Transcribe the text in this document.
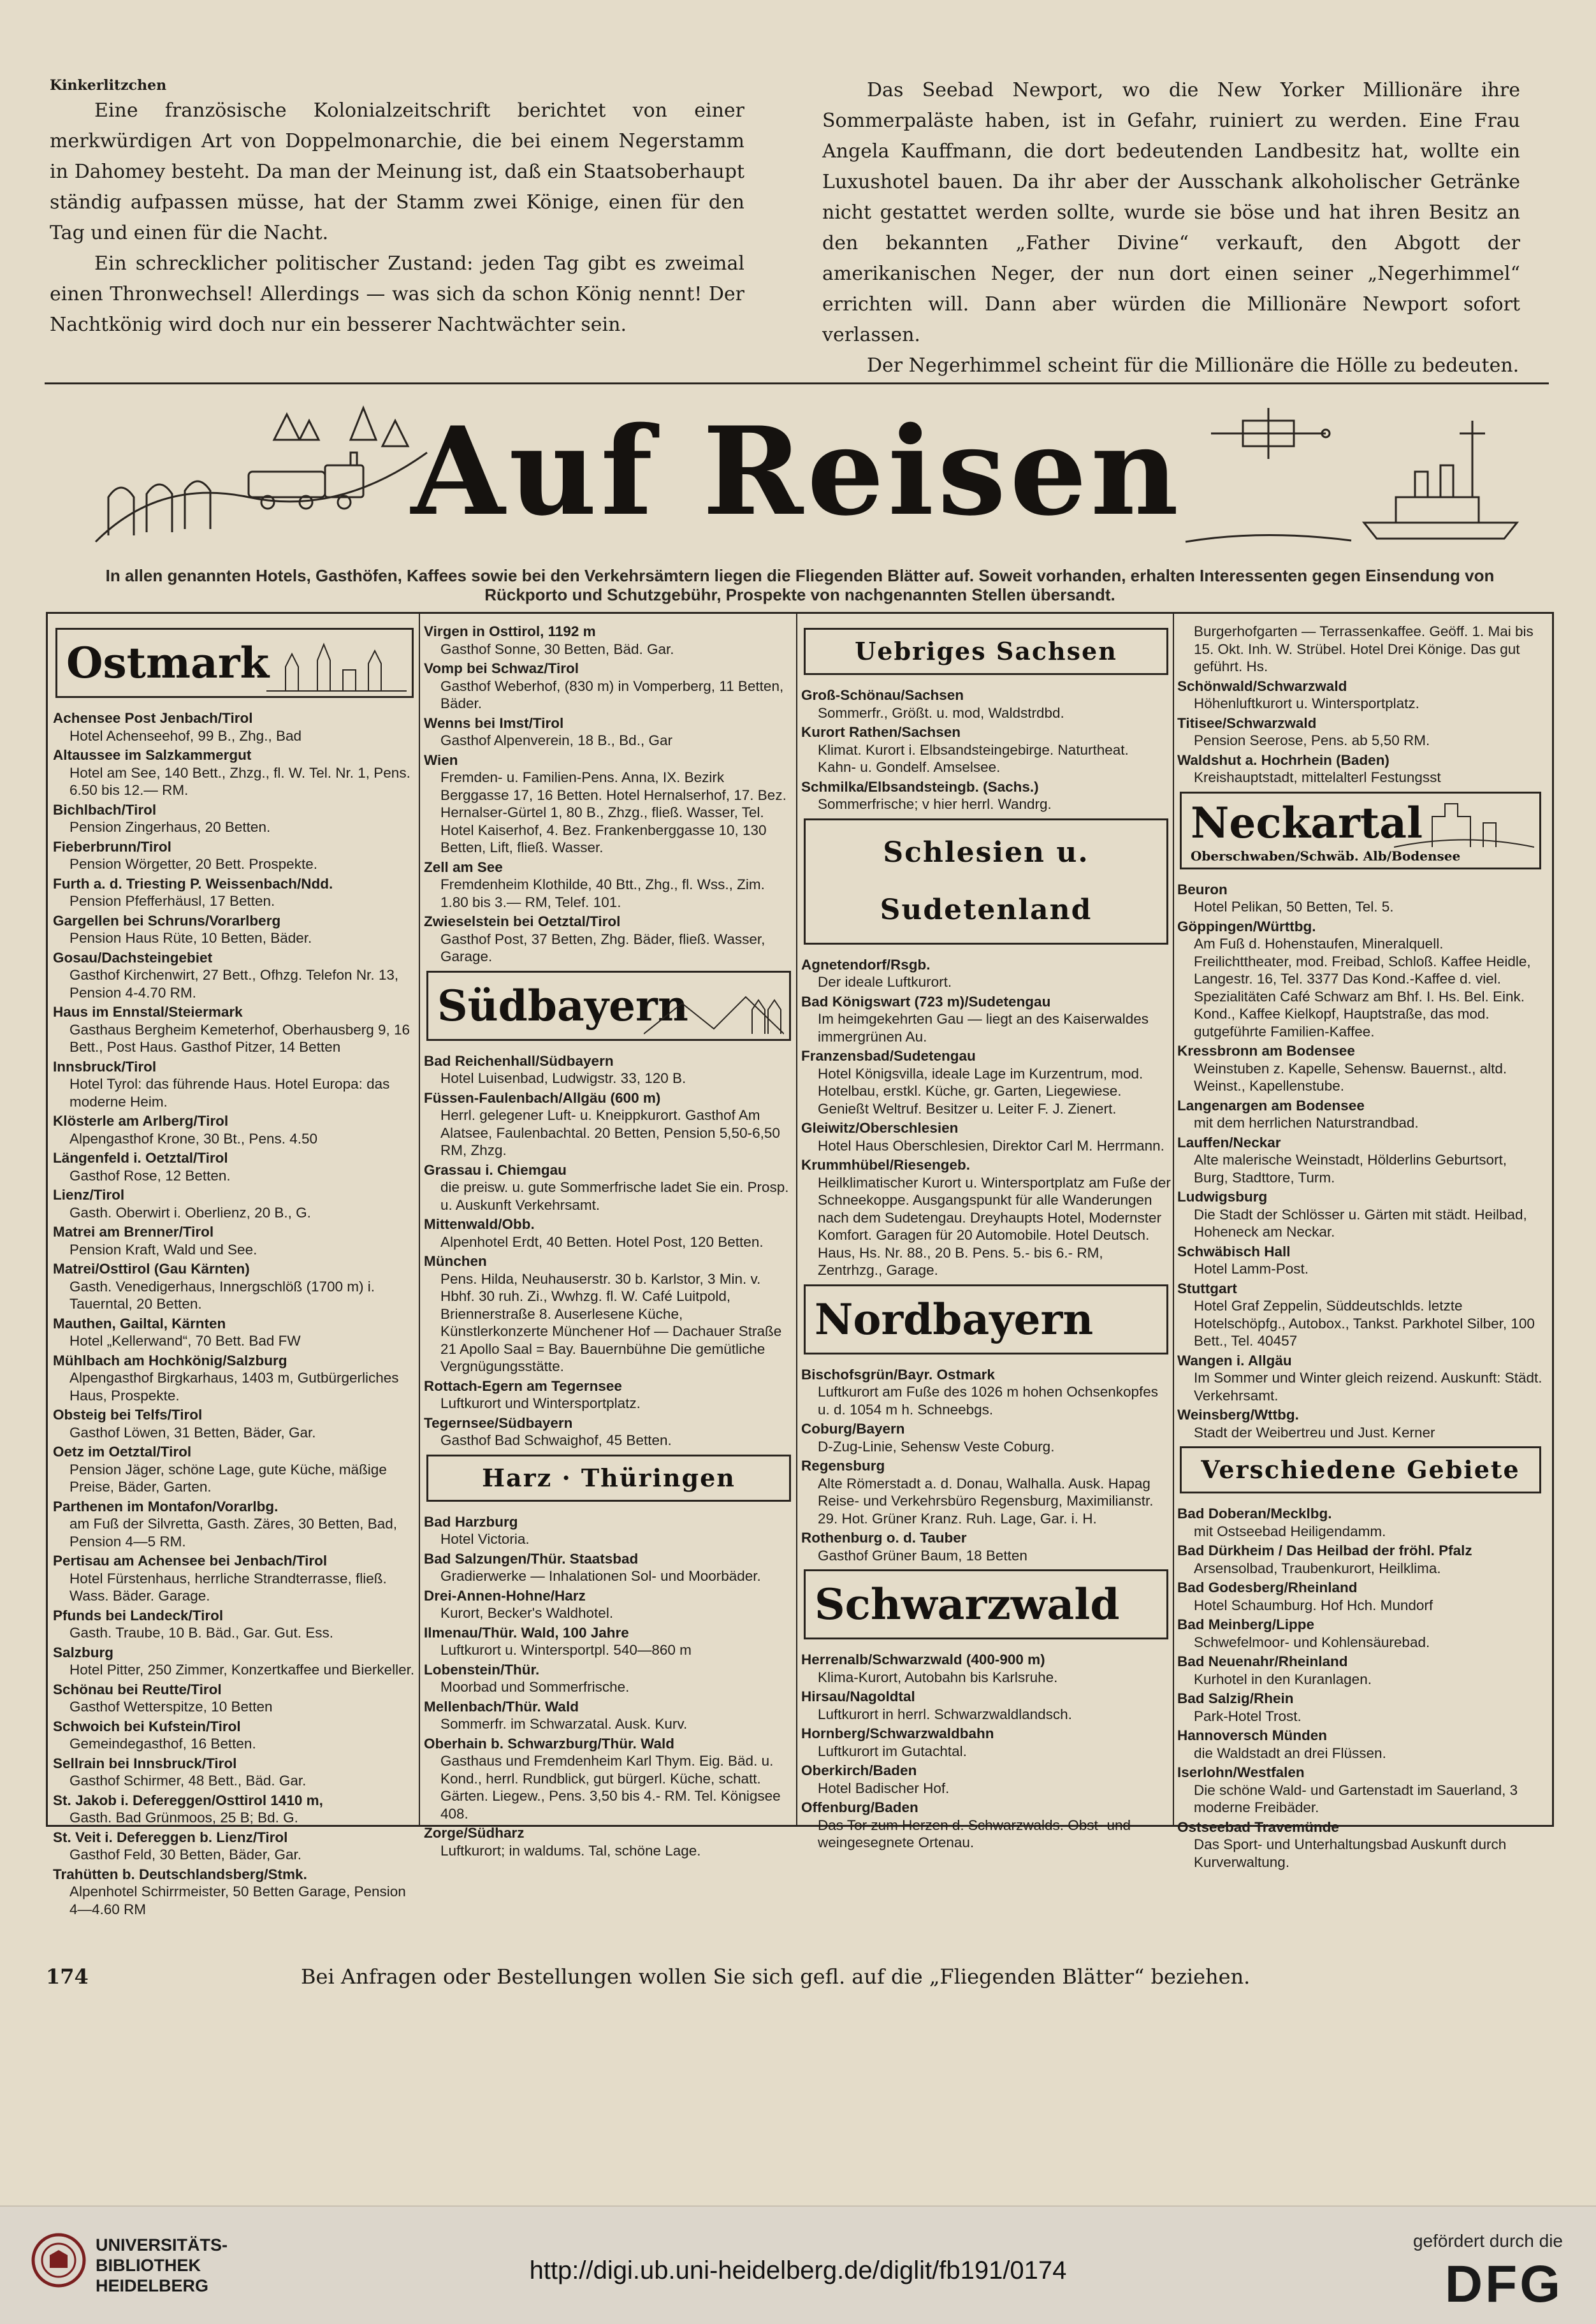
Kinkerlitzchen

Eine französische Kolonialzeitschrift berichtet von einer merkwürdigen Art von Doppelmonarchie, die bei einem Negerstamm in Dahomey besteht. Da man der Meinung ist, daß ein Staatsoberhaupt ständig aufpassen müsse, hat der Stamm zwei Könige, einen für den Tag und einen für die Nacht.

Ein schrecklicher politischer Zustand: jeden Tag gibt es zweimal einen Thronwechsel! Allerdings — was sich da schon König nennt! Der Nachtkönig wird doch nur ein besserer Nachtwächter sein.

Das Seebad Newport, wo die New Yorker Millionäre ihre Sommerpaläste haben, ist in Gefahr, ruiniert zu werden. Eine Frau Angela Kauffmann, die dort bedeutenden Landbesitz hat, wollte ein Luxushotel bauen. Da ihr aber der Ausschank alkoholischer Getränke nicht gestattet werden sollte, wurde sie böse und hat ihren Besitz an den bekannten „Father Divine“ verkauft, den Abgott der amerikanischen Neger, der nun dort einen seiner „Negerhimmel“ errichten will. Dann aber würden die Millionäre Newport sofort verlassen.

Der Negerhimmel scheint für die Millionäre die Hölle zu bedeuten.

Auf Reisen
In allen genannten Hotels, Gasthöfen, Kaffees sowie bei den Verkehrsämtern liegen die Fliegenden Blätter auf. Soweit vorhanden, erhalten Interessenten gegen Einsendung von Rückporto und Schutzgebühr, Prospekte von nachgenannten Stellen übersandt.
Ostmark
Achensee Post Jenbach/Tirol
Hotel Achenseehof, 99 B., Zhg., Bad
Altaussee im Salzkammergut
Hotel am See, 140 Bett., Zhzg., fl. W. Tel. Nr. 1, Pens. 6.50 bis 12.— RM.
Bichlbach/Tirol
Pension Zingerhaus, 20 Betten.
Fieberbrunn/Tirol
Pension Wörgetter, 20 Bett. Prospekte.
Furth a. d. Triesting P. Weissenbach/Ndd.
Pension Pfefferhäusl, 17 Betten.
Gargellen bei Schruns/Vorarlberg
Pension Haus Rüte, 10 Betten, Bäder.
Gosau/Dachsteingebiet
Gasthof Kirchenwirt, 27 Bett., Ofhzg. Telefon Nr. 13, Pension 4-4.70 RM.
Haus im Ennstal/Steiermark
Gasthaus Bergheim Kemeterhof, Oberhausberg 9, 16 Bett., Post Haus. Gasthof Pitzer, 14 Betten
Innsbruck/Tirol
Hotel Tyrol: das führende Haus. Hotel Europa: das moderne Heim.
Klösterle am Arlberg/Tirol
Alpengasthof Krone, 30 Bt., Pens. 4.50
Längenfeld i. Oetztal/Tirol
Gasthof Rose, 12 Betten.
Lienz/Tirol
Gasth. Oberwirt i. Oberlienz, 20 B., G.
Matrei am Brenner/Tirol
Pension Kraft, Wald und See.
Matrei/Osttirol (Gau Kärnten)
Gasth. Venedigerhaus, Innergschlöß (1700 m) i. Tauerntal, 20 Betten.
Mauthen, Gailtal, Kärnten
Hotel „Kellerwand“, 70 Bett. Bad FW
Mühlbach am Hochkönig/Salzburg
Alpengasthof Birgkarhaus, 1403 m, Gutbürgerliches Haus, Prospekte.
Obsteig bei Telfs/Tirol
Gasthof Löwen, 31 Betten, Bäder, Gar.
Oetz im Oetztal/Tirol
Pension Jäger, schöne Lage, gute Küche, mäßige Preise, Bäder, Garten.
Parthenen im Montafon/Vorarlbg.
am Fuß der Silvretta, Gasth. Zäres, 30 Betten, Bad, Pension 4—5 RM.
Pertisau am Achensee bei Jenbach/Tirol
Hotel Fürstenhaus, herrliche Strandterrasse, fließ. Wass. Bäder. Garage.
Pfunds bei Landeck/Tirol
Gasth. Traube, 10 B. Bäd., Gar. Gut. Ess.
Salzburg
Hotel Pitter, 250 Zimmer, Konzertkaffee und Bierkeller.
Schönau bei Reutte/Tirol
Gasthof Wetterspitze, 10 Betten
Schwoich bei Kufstein/Tirol
Gemeindegasthof, 16 Betten.
Sellrain bei Innsbruck/Tirol
Gasthof Schirmer, 48 Bett., Bäd. Gar.
St. Jakob i. Defereggen/Osttirol 1410 m,
Gasth. Bad Grünmoos, 25 B; Bd. G.
St. Veit i. Defereggen b. Lienz/Tirol
Gasthof Feld, 30 Betten, Bäder, Gar.
Trahütten b. Deutschlandsberg/Stmk.
Alpenhotel Schirrmeister, 50 Betten Garage, Pension 4—4.60 RM
Virgen in Osttirol, 1192 m
Gasthof Sonne, 30 Betten, Bäd. Gar.
Vomp bei Schwaz/Tirol
Gasthof Weberhof, (830 m) in Vomperberg, 11 Betten, Bäder.
Wenns bei Imst/Tirol
Gasthof Alpenverein, 18 B., Bd., Gar
Wien
Fremden- u. Familien-Pens. Anna, IX. Bezirk Berggasse 17, 16 Betten. Hotel Hernalserhof, 17. Bez. Hernalser-Gürtel 1, 80 B., Zhzg., fließ. Wasser, Tel. Hotel Kaiserhof, 4. Bez. Frankenberggasse 10, 130 Betten, Lift, fließ. Wasser.
Zell am See
Fremdenheim Klothilde, 40 Btt., Zhg., fl. Wss., Zim. 1.80 bis 3.— RM, Telef. 101.
Zwieselstein bei Oetztal/Tirol
Gasthof Post, 37 Betten, Zhg. Bäder, fließ. Wasser, Garage.
Südbayern
Bad Reichenhall/Südbayern
Hotel Luisenbad, Ludwigstr. 33, 120 B.
Füssen-Faulenbach/Allgäu (600 m)
Herrl. gelegener Luft- u. Kneippkurort. Gasthof Am Alatsee, Faulenbachtal. 20 Betten, Pension 5,50-6,50 RM, Zhzg.
Grassau i. Chiemgau
die preisw. u. gute Sommerfrische ladet Sie ein. Prosp. u. Auskunft Verkehrsamt.
Mittenwald/Obb.
Alpenhotel Erdt, 40 Betten. Hotel Post, 120 Betten.
München
Pens. Hilda, Neuhauserstr. 30 b. Karlstor, 3 Min. v. Hbhf. 30 ruh. Zi., Wwhzg. fl. W. Café Luitpold, Briennerstraße 8. Auserlesene Küche, Künstlerkonzerte Münchener Hof — Dachauer Straße 21 Apollo Saal = Bay. Bauernbühne Die gemütliche Vergnügungsstätte.
Rottach-Egern am Tegernsee
Luftkurort und Wintersportplatz.
Tegernsee/Südbayern
Gasthof Bad Schwaighof, 45 Betten.
Harz · Thüringen
Bad Harzburg
Hotel Victoria.
Bad Salzungen/Thür. Staatsbad
Gradierwerke — Inhalationen Sol- und Moorbäder.
Drei-Annen-Hohne/Harz
Kurort, Becker's Waldhotel.
Ilmenau/Thür. Wald, 100 Jahre
Luftkurort u. Wintersportpl. 540—860 m
Lobenstein/Thür.
Moorbad und Sommerfrische.
Mellenbach/Thür. Wald
Sommerfr. im Schwarzatal. Ausk. Kurv.
Oberhain b. Schwarzburg/Thür. Wald
Gasthaus und Fremdenheim Karl Thym. Eig. Bäd. u. Kond., herrl. Rundblick, gut bürgerl. Küche, schatt. Gärten. Liegew., Pens. 3,50 bis 4.- RM. Tel. Königsee 408.
Zorge/Südharz
Luftkurort; in waldums. Tal, schöne Lage.
Uebriges Sachsen
Groß-Schönau/Sachsen
Sommerfr., Größt. u. mod, Waldstrdbd.
Kurort Rathen/Sachsen
Klimat. Kurort i. Elbsandsteingebirge. Naturtheat. Kahn- u. Gondelf. Amselsee.
Schmilka/Elbsandsteingb. (Sachs.)
Sommerfrische; v hier herrl. Wandrg.
Schlesien u. Sudetenland
Agnetendorf/Rsgb.
Der ideale Luftkurort.
Bad Königswart (723 m)/Sudetengau
Im heimgekehrten Gau — liegt an des Kaiserwaldes immergrünen Au.
Franzensbad/Sudetengau
Hotel Königsvilla, ideale Lage im Kurzentrum, mod. Hotelbau, erstkl. Küche, gr. Garten, Liegewiese. Genießt Weltruf. Besitzer u. Leiter F. J. Zienert.
Gleiwitz/Oberschlesien
Hotel Haus Oberschlesien, Direktor Carl M. Herrmann.
Krummhübel/Riesengeb.
Heilklimatischer Kurort u. Wintersportplatz am Fuße der Schneekoppe. Ausgangspunkt für alle Wanderungen nach dem Sudetengau. Dreyhaupts Hotel, Modernster Komfort. Garagen für 20 Automobile. Hotel Deutsch. Haus, Hs. Nr. 88., 20 B. Pens. 5.- bis 6.- RM, Zentrhzg., Garage.
Nordbayern
Bischofsgrün/Bayr. Ostmark
Luftkurort am Fuße des 1026 m hohen Ochsenkopfes u. d. 1054 m h. Schneebgs.
Coburg/Bayern
D-Zug-Linie, Sehensw Veste Coburg.
Regensburg
Alte Römerstadt a. d. Donau, Walhalla. Ausk. Hapag Reise- und Verkehrsbüro Regensburg, Maximilianstr. 29. Hot. Grüner Kranz. Ruh. Lage, Gar. i. H.
Rothenburg o. d. Tauber
Gasthof Grüner Baum, 18 Betten
Schwarzwald
Herrenalb/Schwarzwald (400-900 m)
Klima-Kurort, Autobahn bis Karlsruhe.
Hirsau/Nagoldtal
Luftkurort in herrl. Schwarzwaldlandsch.
Hornberg/Schwarzwaldbahn
Luftkurort im Gutachtal.
Oberkirch/Baden
Hotel Badischer Hof.
Offenburg/Baden
Das Tor zum Herzen d. Schwarzwalds. Obst- und weingesegnete Ortenau.
Burgerhofgarten — Terrassenkaffee. Geöff. 1. Mai bis 15. Okt. Inh. W. Strübel. Hotel Drei Könige. Das gut geführt. Hs.
Schönwald/Schwarzwald
Höhenluftkurort u. Wintersportplatz.
Titisee/Schwarzwald
Pension Seerose, Pens. ab 5,50 RM.
Waldshut a. Hochrhein (Baden)
Kreishauptstadt, mittelalterl Festungsst
Neckartal
Oberschwaben/Schwäb. Alb/Bodensee
Beuron
Hotel Pelikan, 50 Betten, Tel. 5.
Göppingen/Württbg.
Am Fuß d. Hohenstaufen, Mineralquell. Freilichttheater, mod. Freibad, Schloß. Kaffee Heidle, Langestr. 16, Tel. 3377 Das Kond.-Kaffee d. viel. Spezialitäten Café Schwarz am Bhf. I. Hs. Bel. Eink. Kond., Kaffee Kielkopf, Hauptstraße, das mod. gutgeführte Familien-Kaffee.
Kressbronn am Bodensee
Weinstuben z. Kapelle, Sehensw. Bauernst., altd. Weinst., Kapellenstube.
Langenargen am Bodensee
mit dem herrlichen Naturstrandbad.
Lauffen/Neckar
Alte malerische Weinstadt, Hölderlins Geburtsort, Burg, Stadttore, Turm.
Ludwigsburg
Die Stadt der Schlösser u. Gärten mit städt. Heilbad, Hoheneck am Neckar.
Schwäbisch Hall
Hotel Lamm-Post.
Stuttgart
Hotel Graf Zeppelin, Süddeutschlds. letzte Hotelschöpfg., Autobox., Tankst. Parkhotel Silber, 100 Bett., Tel. 40457
Wangen i. Allgäu
Im Sommer und Winter gleich reizend. Auskunft: Städt. Verkehrsamt.
Weinsberg/Wttbg.
Stadt der Weibertreu und Just. Kerner
Verschiedene Gebiete
Bad Doberan/Mecklbg.
mit Ostseebad Heiligendamm.
Bad Dürkheim / Das Heilbad der fröhl. Pfalz
Arsensolbad, Traubenkurort, Heilklima.
Bad Godesberg/Rheinland
Hotel Schaumburg. Hof Hch. Mundorf
Bad Meinberg/Lippe
Schwefelmoor- und Kohlensäurebad.
Bad Neuenahr/Rheinland
Kurhotel in den Kuranlagen.
Bad Salzig/Rhein
Park-Hotel Trost.
Hannoversch Münden
die Waldstadt an drei Flüssen.
Iserlohn/Westfalen
Die schöne Wald- und Gartenstadt im Sauerland, 3 moderne Freibäder.
Ostseebad Travemünde
Das Sport- und Unterhaltungsbad Auskunft durch Kurverwaltung.
174	Bei Anfragen oder Bestellungen wollen Sie sich gefl. auf die „Fliegenden Blätter“ beziehen.
UNIVERSITÄTS-
BIBLIOTHEK
HEIDELBERG
http://digi.ub.uni-heidelberg.de/diglit/fb191/0174
gefördert durch die
DFG
